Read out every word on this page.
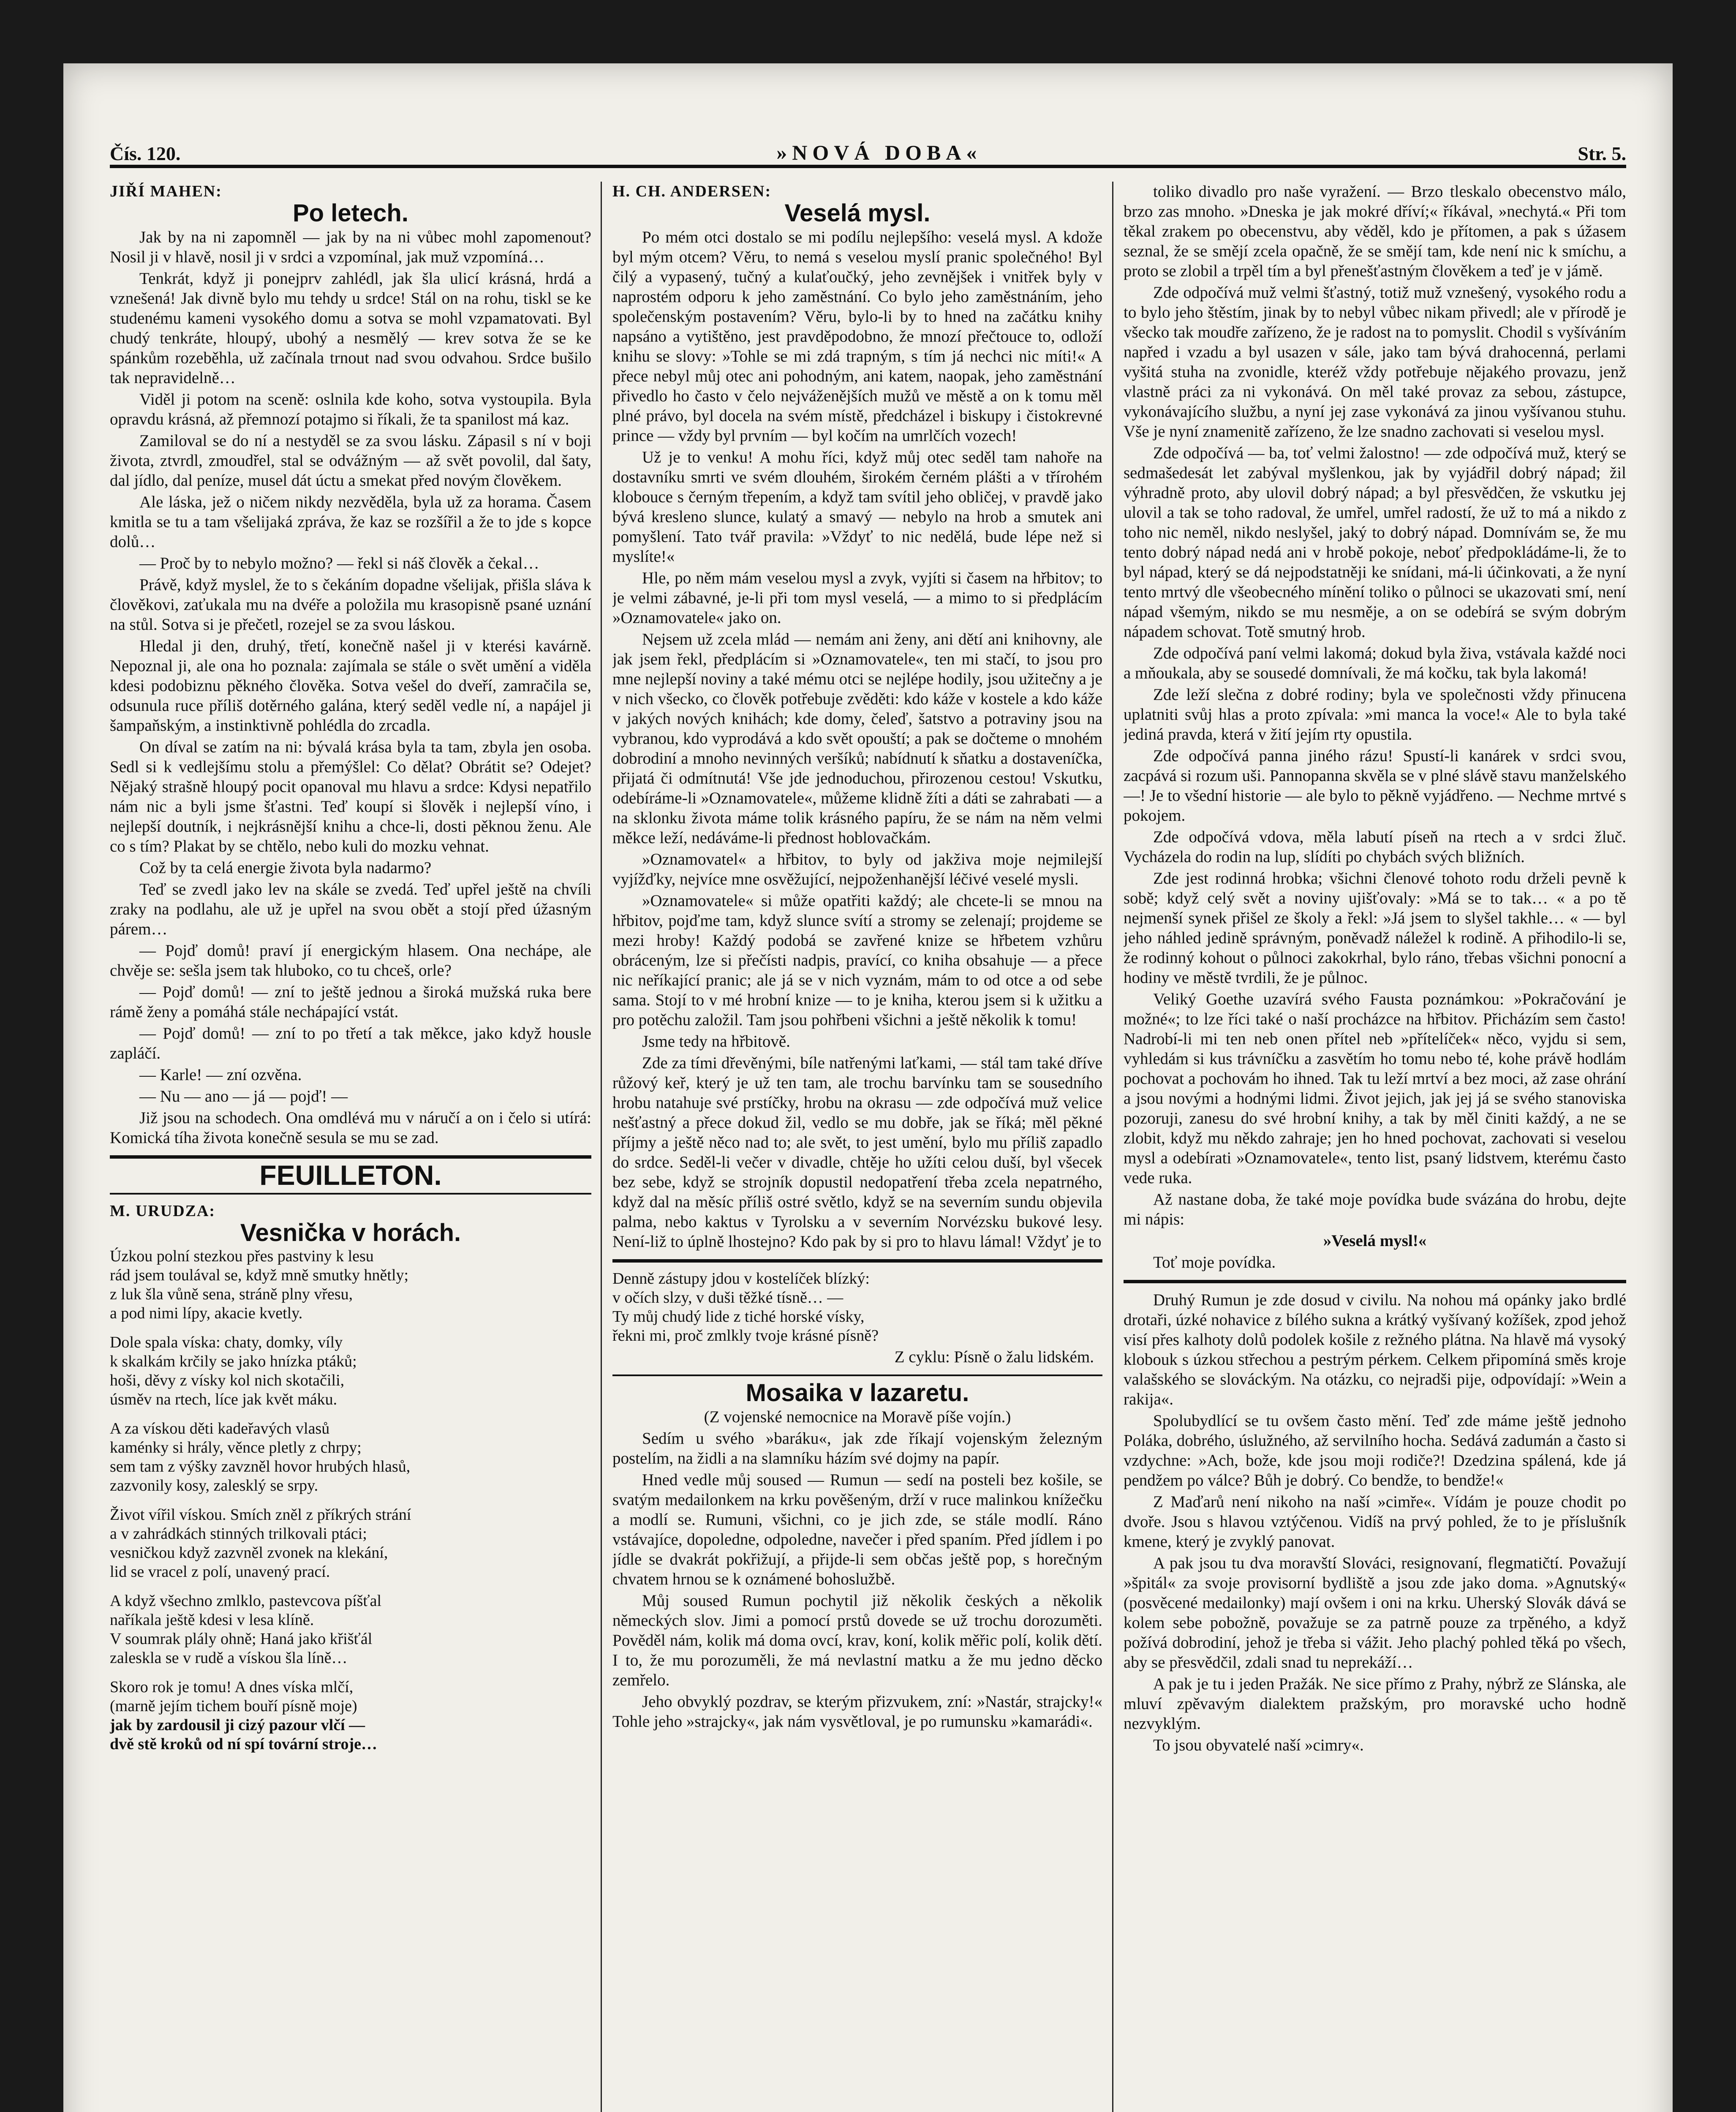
Čís. 120.	»NOVÁ DOBA«	Str. 5.
JIŘÍ MAHEN:
Po letech.

Jak by na ni zapomněl — jak by na ni vůbec mohl zapomenout? Nosil ji v hlavě, nosil ji v srdci a vzpomínal, jak muž vzpomíná…

Tenkrát, když ji ponejprv zahlédl, jak šla ulicí krásná, hrdá a vznešená! Jak divně bylo mu tehdy u srdce! Stál on na rohu, tiskl se ke studenému kameni vysokého domu a sotva se mohl vzpamatovati. Byl chudý tenkráte, hloupý, ubohý a nesmělý — krev sotva že se ke spánkům rozeběhla, už začínala trnout nad svou odvahou. Srdce bušilo tak nepravidelně…

Viděl ji potom na sceně: oslnila kde koho, sotva vystoupila. Byla opravdu krásná, až přemnozí potajmo si říkali, že ta spanilost má kaz.

Zamiloval se do ní a nestyděl se za svou lásku. Zápasil s ní v boji života, ztvrdl, zmoudřel, stal se odvážným — až svět povolil, dal šaty, dal jídlo, dal peníze, musel dát úctu a smekat před novým člověkem.

Ale láska, jež o ničem nikdy nezvěděla, byla už za horama. Časem kmitla se tu a tam všelijaká zpráva, že kaz se rozšířil a že to jde s kopce dolů…

— Proč by to nebylo možno? — řekl si náš člověk a čekal…

Právě, když myslel, že to s čekáním dopadne všelijak, přišla sláva k člověkovi, zaťukala mu na dvéře a položila mu krasopisně psané uznání na stůl. Sotva si je přečetl, rozejel se za svou láskou.

Hledal ji den, druhý, třetí, konečně našel ji v kterési kavárně. Nepoznal ji, ale ona ho poznala: zajímala se stále o svět umění a viděla kdesi podobiznu pěkného člověka. Sotva vešel do dveří, zamračila se, odsunula ruce příliš dotěrného galána, který seděl vedle ní, a napájel ji šampaňským, a instinktivně pohlédla do zrcadla.

On díval se zatím na ni: bývalá krása byla ta tam, zbyla jen osoba. Sedl si k vedlejšímu stolu a přemýšlel: Co dělat? Obrátit se? Odejet? Nějaký strašně hloupý pocit opanoval mu hlavu a srdce: Kdysi nepatřilo nám nic a byli jsme šťastni. Teď koupí si šlověk i nejlepší víno, i nejlepší doutník, i nejkrásnější knihu a chce-li, dosti pěknou ženu. Ale co s tím? Plakat by se chtělo, nebo kuli do mozku vehnat.

Což by ta celá energie života byla nadarmo?

Teď se zvedl jako lev na skále se zvedá. Teď upřel ještě na chvíli zraky na podlahu, ale už je upřel na svou obět a stojí před úžasným párem…

— Pojď domů! praví jí energickým hlasem. Ona nechápe, ale chvěje se: sešla jsem tak hluboko, co tu chceš, orle?

— Pojď domů! — zní to ještě jednou a široká mužská ruka bere rámě ženy a pomáhá stále nechápající vstát.

— Pojď domů! — zní to po třetí a tak měkce, jako když housle zapláčí.

— Karle! — zní ozvěna.

— Nu — ano — já — pojď! —

Již jsou na schodech. Ona omdlévá mu v náručí a on i čelo si utírá: Komická tíha života konečně sesula se mu se zad.

FEUILLETON.
M. URUDZA:
Vesnička v horách.

Úzkou polní stezkou přes pastviny k lesu

rád jsem toulával se, když mně smutky hnětly;

z luk šla vůně sena, stráně plny vřesu,

a pod nimi lípy, akacie kvetly.

Dole spala víska: chaty, domky, víly

k skalkám krčily se jako hnízka ptáků;

hoši, děvy z vísky kol nich skotačili,

úsměv na rtech, líce jak květ máku.

A za vískou děti kadeřavých vlasů

kaménky si hrály, věnce pletly z chrpy;

sem tam z výšky zavzněl hovor hrubých hlasů,

zazvonily kosy, zalesklý se srpy.

Život vířil vískou. Smích zněl z příkrých strání

a v zahrádkách stinných trilkovali ptáci;

vesničkou když zazvněl zvonek na klekání,

lid se vracel z polí, unavený prací.

A když všechno zmlklo, pastevcova píšťal

naříkala ještě kdesi v lesa klíně.

V soumrak plály ohně; Haná jako křišťál

zaleskla se v rudě a vískou šla líně…

Skoro rok je tomu! A dnes víska mlčí,

(marně jejím tichem bouří písně moje)

jak by zardousil ji cizý pazour vlčí —

dvě stě kroků od ní spí tovární stroje…

H. CH. ANDERSEN:
Veselá mysl.

Po mém otci dostalo se mi podílu nejlepšího: veselá mysl. A kdože byl mým otcem? Věru, to nemá s veselou myslí pranic společného! Byl čilý a vypasený, tučný a kulaťoučký, jeho zevnějšek i vnitřek byly v naprostém odporu k jeho zaměstnání. Co bylo jeho zaměstnáním, jeho společenským postavením? Věru, bylo-li by to hned na začátku knihy napsáno a vytištěno, jest pravděpodobno, že mnozí přečtouce to, odloží knihu se slovy: »Tohle se mi zdá trapným, s tím já nechci nic míti!« A přece nebyl můj otec ani pohodným, ani katem, naopak, jeho zaměstnání přivedlo ho často v čelo nejváženějších mužů ve městě a on k tomu měl plné právo, byl docela na svém místě, předcházel i biskupy i čistokrevné prince — vždy byl prvním — byl kočím na umrlčích vozech!

Už je to venku! A mohu říci, když můj otec seděl tam nahoře na dostavníku smrti ve svém dlouhém, širokém černém plášti a v třírohém klobouce s černým třepením, a když tam svítil jeho obličej, v pravdě jako bývá kresleno slunce, kulatý a smavý — nebylo na hrob a smutek ani pomyšlení. Tato tvář pravila: »Vždyť to nic nedělá, bude lépe než si myslíte!«

Hle, po něm mám veselou mysl a zvyk, vyjíti si časem na hřbitov; to je velmi zábavné, je-li při tom mysl veselá, — a mimo to si předplácím »Oznamovatele« jako on.

Nejsem už zcela mlád — nemám ani ženy, ani dětí ani knihovny, ale jak jsem řekl, předplácím si »Oznamovatele«, ten mi stačí, to jsou pro mne nejlepší noviny a také mému otci se nejlépe hodily, jsou užitečny a je v nich všecko, co člověk potřebuje zvěděti: kdo káže v kostele a kdo káže v jakých nových knihách; kde domy, čeleď, šatstvo a potraviny jsou na vybranou, kdo vyprodává a kdo svět opouští; a pak se dočteme o mnohém dobrodiní a mnoho nevinných veršíků; nabídnutí k sňatku a dostaveníčka, přijatá či odmítnutá! Vše jde jednoduchou, přirozenou cestou! Vskutku, odebíráme-li »Oznamovatele«, můžeme klidně žíti a dáti se zahrabati — a na sklonku života máme tolik krásného papíru, že se nám na něm velmi měkce leží, nedáváme-li přednost hoblovačkám.

»Oznamovatel« a hřbitov, to byly od jakživa moje nejmilejší vyjížďky, nejvíce mne osvěžující, nejpoženhanější léčivé veselé mysli.

»Oznamovatele« si může opatřiti každý; ale chcete-li se mnou na hřbitov, pojďme tam, když slunce svítí a stromy se zelenají; projdeme se mezi hroby! Každý podobá se zavřené knize se hřbetem vzhůru obráceným, lze si přečísti nadpis, pravící, co kniha obsahuje — a přece nic neříkající pranic; ale já se v nich vyznám, mám to od otce a od sebe sama. Stojí to v mé hrobní knize — to je kniha, kterou jsem si k užitku a pro potěchu založil. Tam jsou pohřbeni všichni a ještě několik k tomu!

Jsme tedy na hřbitově.

Zde za tími dřevěnými, bíle natřenými laťkami, — stál tam také dříve růžový keř, který je už ten tam, ale trochu barvínku tam se sousedního hrobu natahuje své prstíčky, hrobu na okrasu — zde odpočívá muž velice nešťastný a přece dokud žil, vedlo se mu dobře, jak se říká; měl pěkné příjmy a ještě něco nad to; ale svět, to jest umění, bylo mu příliš zapadlo do srdce. Seděl-li večer v divadle, chtěje ho užíti celou duší, byl všecek bez sebe, když se strojník dopustil nedopatření třeba zcela nepatrného, když dal na měsíc příliš ostré světlo, když se na severním sundu objevila palma, nebo kaktus v Tyrolsku a v severním Norvézsku bukové lesy. Není-liž to úplně lhostejno? Kdo pak by si pro to hlavu lámal! Vždyť je to

Denně zástupy jdou v kostelíček blízký:

v očích slzy, v duši těžké tísně… —

Ty můj chudý lide z tiché horské vísky,

řekni mi, proč zmlkly tvoje krásné písně?

Z cyklu: Písně o žalu lidském.
Mosaika v lazaretu.

(Z vojenské nemocnice na Moravě píše vojín.)

Sedím u svého »baráku«, jak zde říkají vojenským železným postelím, na židli a na slamníku házím své dojmy na papír.

Hned vedle můj soused — Rumun — sedí na posteli bez košile, se svatým medailonkem na krku pověšeným, drží v ruce malinkou knížečku a modlí se. Rumuni, všichni, co je jich zde, se stále modlí. Ráno vstávajíce, dopoledne, odpoledne, navečer i před spaním. Před jídlem i po jídle se dvakrát pokřižují, a přijde-li sem občas ještě pop, s horečným chvatem hrnou se k oznámené bohoslužbě.

Můj soused Rumun pochytil již několik českých a několik německých slov. Jimi a pomocí prstů dovede se už trochu dorozuměti. Pověděl nám, kolik má doma ovcí, krav, koní, kolik měřic polí, kolik dětí. I to, že mu porozuměli, že má nevlastní matku a že mu jedno děcko zemřelo.

Jeho obvyklý pozdrav, se kterým přizvukem, zní: »Nastár, strajcky!« Tohle jeho »strajcky«, jak nám vysvětloval, je po rumunsku »kamarádi«.

toliko divadlo pro naše vyražení. — Brzo tleskalo obecenstvo málo, brzo zas mnoho. »Dneska je jak mokré dříví;« říkával, »nechytá.« Při tom těkal zrakem po obecenstvu, aby věděl, kdo je přítomen, a pak s úžasem seznal, že se smějí zcela opačně, že se smějí tam, kde není nic k smíchu, a proto se zlobil a trpěl tím a byl přenešťastným člověkem a teď je v jámě.

Zde odpočívá muž velmi šťastný, totiž muž vznešený, vysokého rodu a to bylo jeho štěstím, jinak by to nebyl vůbec nikam přivedl; ale v přírodě je všecko tak moudře zařízeno, že je radost na to pomyslit. Chodil s vyšíváním napřed i vzadu a byl usazen v sále, jako tam bývá drahocenná, perlami vyšitá stuha na zvonidle, kteréž vždy potřebuje nějakého provazu, jenž vlastně práci za ni vykonává. On měl také provaz za sebou, zástupce, vykonávajícího službu, a nyní jej zase vykonává za jinou vyšívanou stuhu. Vše je nyní znamenitě zařízeno, že lze snadno zachovati si veselou mysl.

Zde odpočívá — ba, toť velmi žalostno! — zde odpočívá muž, který se sedmašedesát let zabýval myšlenkou, jak by vyjádřil dobrý nápad; žil výhradně proto, aby ulovil dobrý nápad; a byl přesvědčen, že vskutku jej ulovil a tak se toho radoval, že umřel, umřel radostí, že už to má a nikdo z toho nic neměl, nikdo neslyšel, jaký to dobrý nápad. Domnívám se, že mu tento dobrý nápad nedá ani v hrobě pokoje, neboť předpokládáme-li, že to byl nápad, který se dá nejpodstatněji ke snídani, má-li účinkovati, a že nyní tento mrtvý dle všeobecného mínění toliko o půlnoci se ukazovati smí, není nápad všemým, nikdo se mu nesměje, a on se odebírá se svým dobrým nápadem schovat. Totě smutný hrob.

Zde odpočívá paní velmi lakomá; dokud byla živa, vstávala každé noci a mňoukala, aby se sousedé domnívali, že má kočku, tak byla lakomá!

Zde leží slečna z dobré rodiny; byla ve společnosti vždy přinucena uplatniti svůj hlas a proto zpívala: »mi manca la voce!« Ale to byla také jediná pravda, která v žití jejím rty opustila.

Zde odpočívá panna jiného rázu! Spustí-li kanárek v srdci svou, zacpává si rozum uši. Pannopanna skvěla se v plné slávě stavu manželského —! Je to všední historie — ale bylo to pěkně vyjádřeno. — Nechme mrtvé s pokojem.

Zde odpočívá vdova, měla labutí píseň na rtech a v srdci žluč. Vycházela do rodin na lup, slídíti po chybách svých bližních.

Zde jest rodinná hrobka; všichni členové tohoto rodu drželi pevně k sobě; když celý svět a noviny ujišťovaly: »Má se to tak… « a po tě nejmenší synek přišel ze školy a řekl: »Já jsem to slyšel takhle… « — byl jeho náhled jedině správným, poněvadž náležel k rodině. A přihodilo-li se, že rodinný kohout o půlnoci zakokrhal, bylo ráno, třebas všichni ponocní a hodiny ve městě tvrdili, že je půlnoc.

Veliký Goethe uzavírá svého Fausta poznámkou: »Pokračování je možné«; to lze říci také o naší procházce na hřbitov. Přicházím sem často! Nadrobí-li mi ten neb onen přítel neb »přítelíček« něco, vyjdu si sem, vyhledám si kus trávníčku a zasvětím ho tomu nebo té, kohe právě hodlám pochovat a pochovám ho ihned. Tak tu leží mrtví a bez moci, až zase ohrání a jsou novými a hodnými lidmi. Život jejich, jak jej já se svého stanoviska pozoruji, zanesu do své hrobní knihy, a tak by měl činiti každý, a ne se zlobit, když mu někdo zahraje; jen ho hned pochovat, zachovati si veselou mysl a odebírati »Oznamovatele«, tento list, psaný lidstvem, kterému často vede ruka.

Až nastane doba, že také moje povídka bude svázána do hrobu, dejte mi nápis:

»Veselá mysl!«

Toť moje povídka.

Druhý Rumun je zde dosud v civilu. Na nohou má opánky jako brdlé drotaři, úzké nohavice z bílého sukna a krátký vyšívaný kožíšek, zpod jehož visí přes kalhoty dolů podolek košile z režného plátna. Na hlavě má vysoký klobouk s úzkou střechou a pestrým pérkem. Celkem připomíná směs kroje valašského se slováckým. Na otázku, co nejradši pije, odpovídají: »Wein a rakija«.

Spolubydlící se tu ovšem často mění. Teď zde máme ještě jednoho Poláka, dobrého, úslužného, až servilního hocha. Sedává zadumán a často si vzdychne: »Ach, bože, kde jsou moji rodiče?! Dzedzina spálená, kde já pendžem po válce? Bůh je dobrý. Co bendže, to bendže!«

Z Maďarů není nikoho na naší »cimře«. Vídám je pouze chodit po dvoře. Jsou s hlavou vztýčenou. Vidíš na prvý pohled, že to je příslušník kmene, který je zvyklý panovat.

A pak jsou tu dva moravští Slováci, resignovaní, flegmatičtí. Považují »špitál« za svoje provisorní bydliště a jsou zde jako doma. »Agnutský« (posvěcené medailonky) mají ovšem i oni na krku. Uherský Slovák dává se kolem sebe pobožně, považuje se za patrně pouze za trpěného, a když požívá dobrodiní, jehož je třeba si vážit. Jeho plachý pohled těká po všech, aby se přesvědčil, zdali snad tu neprekáží…

A pak je tu i jeden Pražák. Ne sice přímo z Prahy, nýbrž ze Slánska, ale mluví zpěvavým dialektem pražským, pro moravské ucho hodně nezvyklým.

To jsou obyvatelé naší »cimry«.
